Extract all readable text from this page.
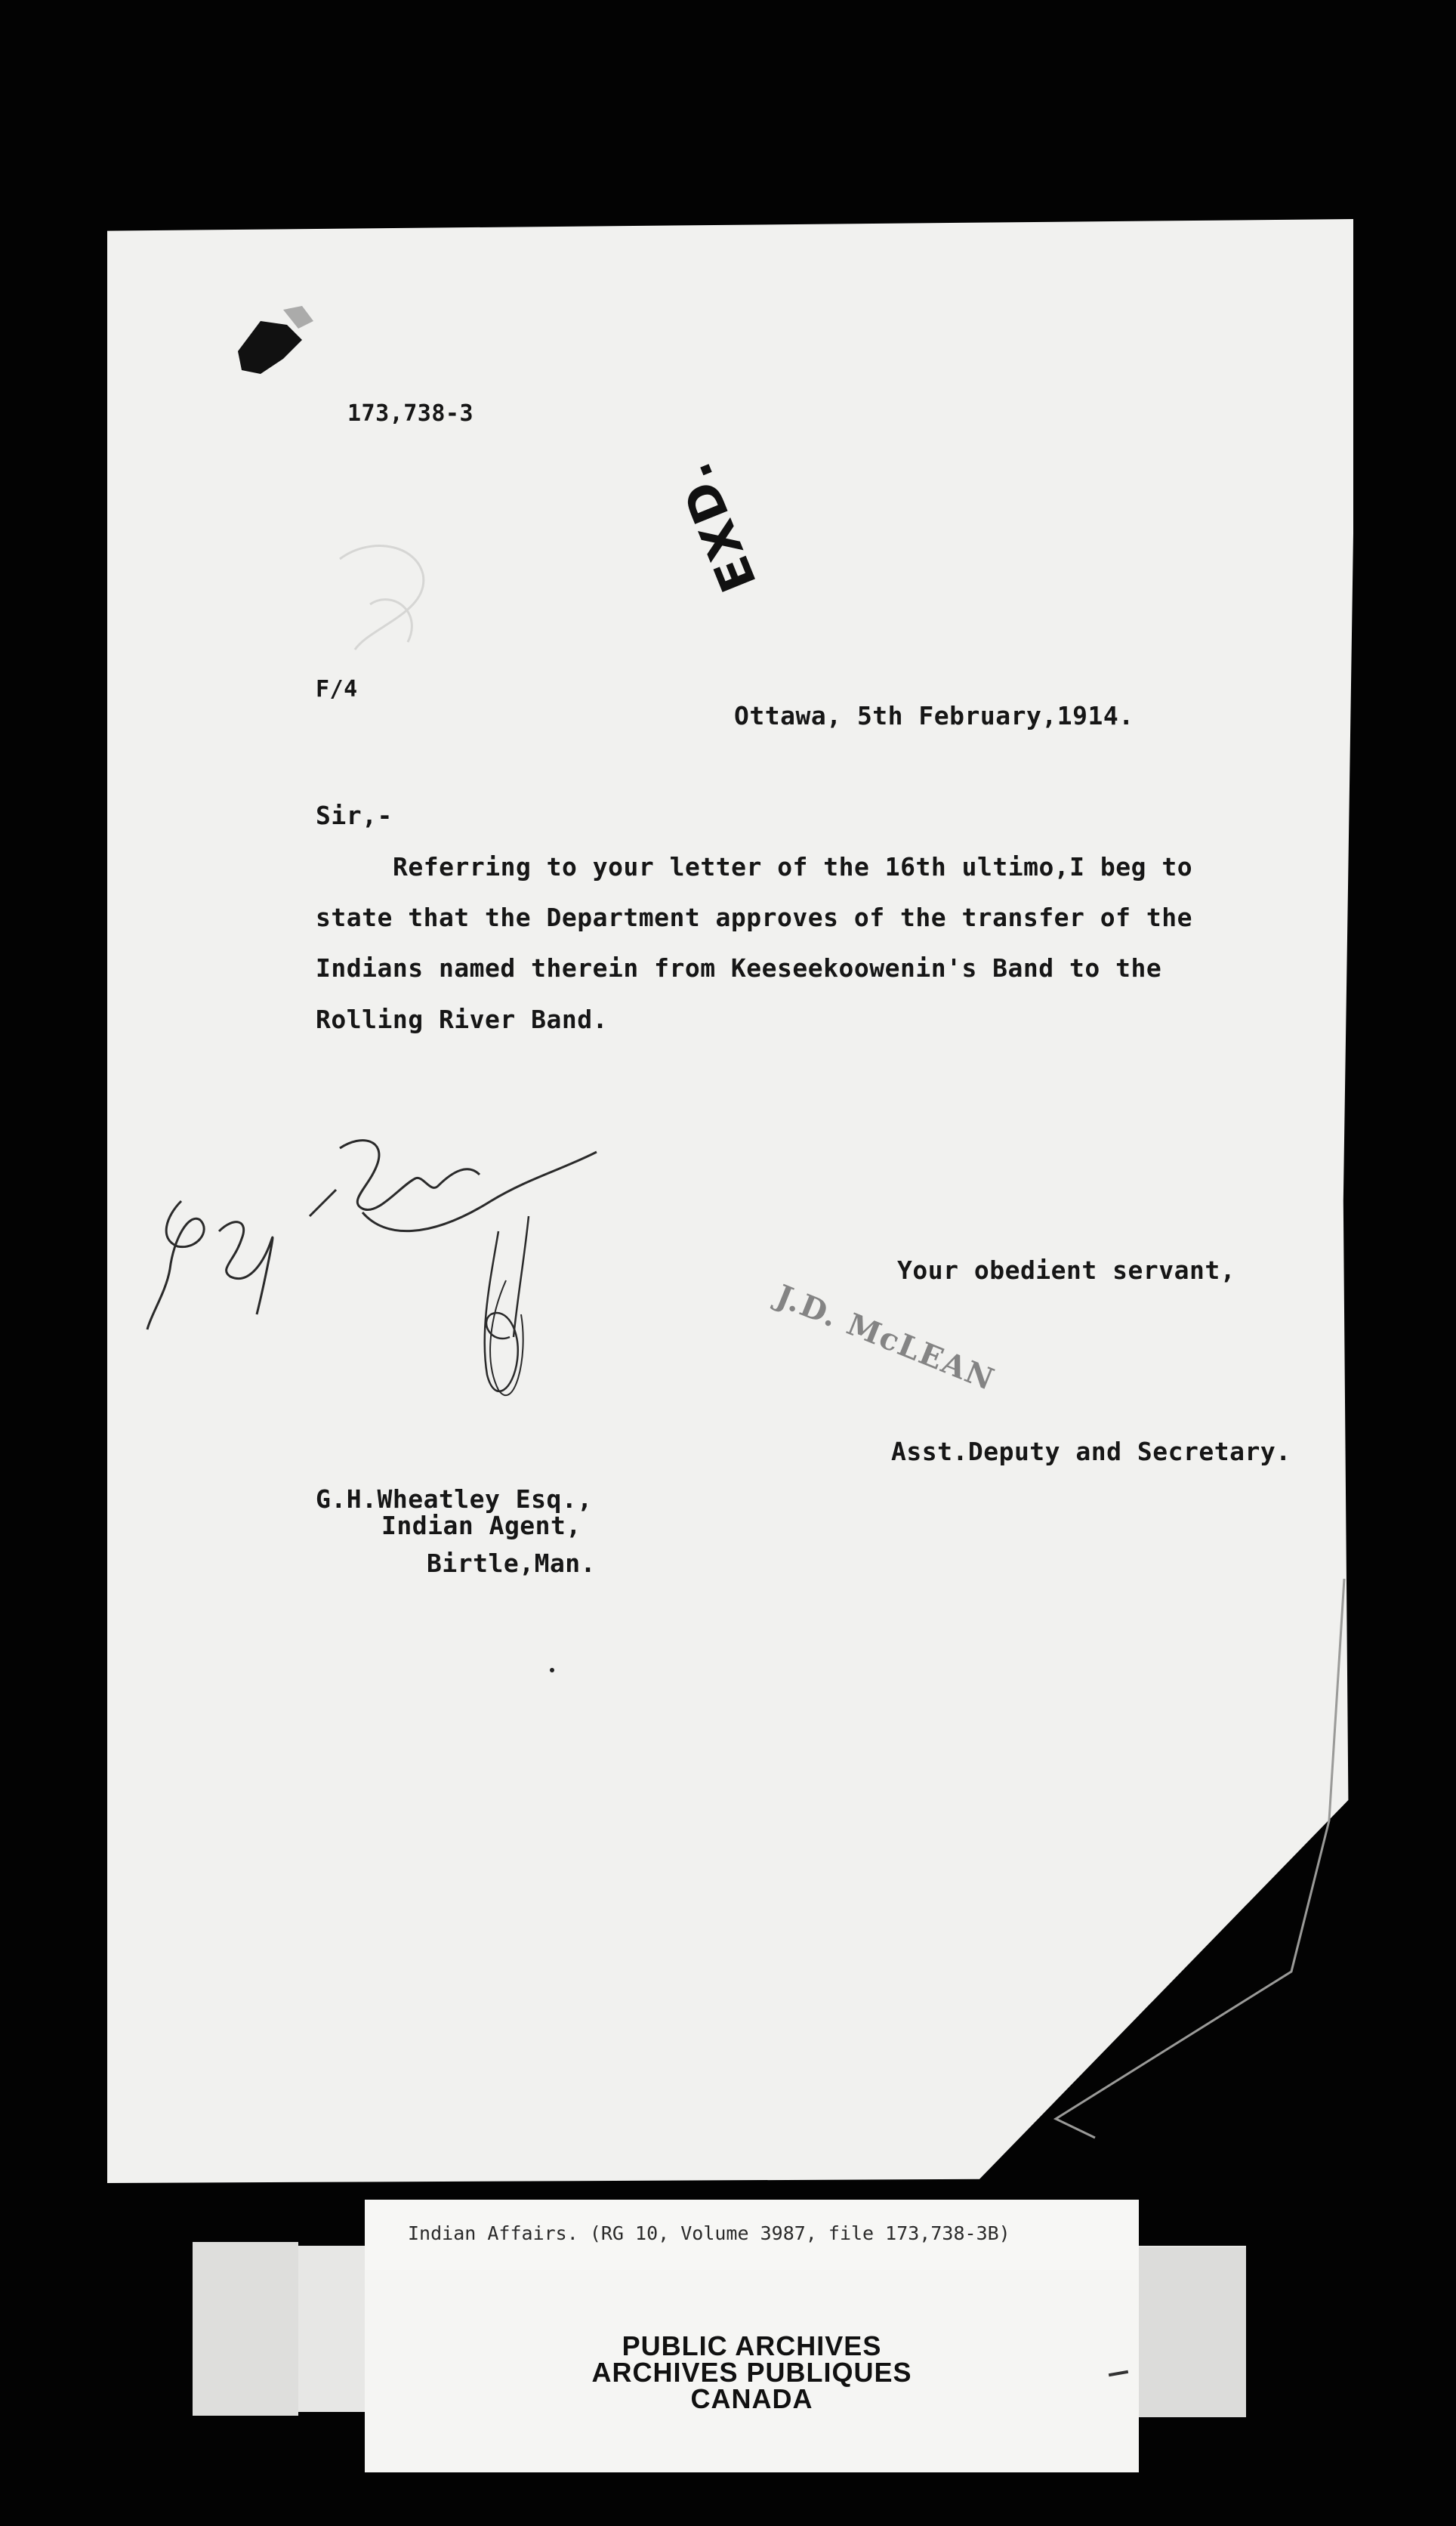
173,738-3
EXD.
F/4
Ottawa, 5th February,1914.
Sir,-
Referring to your letter of the 16th ultimo,I beg to
state that the Department approves of the transfer of the
Indians named therein from Keeseekoowenin's Band to the
Rolling River Band.
Your obedient servant,
J.D. McLEAN
Asst.Deputy and Secretary.
G.H.Wheatley Esq.,
Indian Agent,
Birtle,Man.
Indian Affairs. (RG 10, Volume 3987, file 173,738-3B)
PUBLIC ARCHIVES
ARCHIVES PUBLIQUES
CANADA
